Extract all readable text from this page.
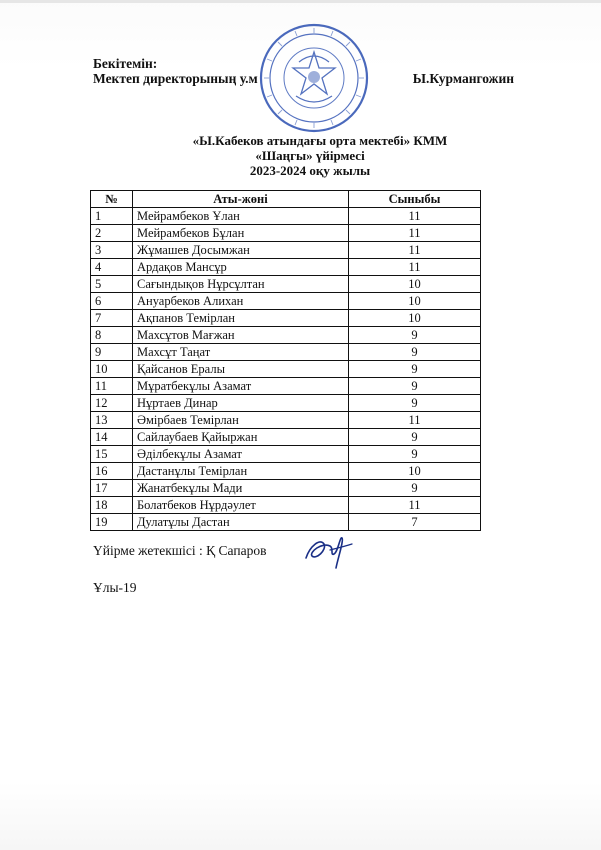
Бекітемін:

Мектеп директорының у.м	Ы.Курмангожин
«Ы.Кабеков атындағы орта мектебі» КММ
«Шаңгы» үйірмесі
2023-2024 оқу жылы
№	Аты-жөні	Сыныбы
1	Мейрамбеков Ұлан	11
2	Мейрамбеков Бұлан	11
3	Жұмашев Досымжан	11
4	Ардақов Мансұр	11
5	Сағындықов Нұрсұлтан	10
6	Ануарбеков Алихан	10
7	Ақпанов Темірлан	10
8	Махсұтов Мағжан	9
9	Махсұт Таңат	9
10	Қайсанов Ералы	9
11	Мұратбекұлы Азамат	9
12	Нұртаев Динар	9
13	Әмірбаев Темірлан	11
14	Сайлаубаев Қайыржан	9
15	Әділбекұлы Азамат	9
16	Дастанұлы Темірлан	10
17	Жанатбекұлы Мади	9
18	Болатбеков Нұрдәулет	11
19	Дулатұлы Дастан	7
Үйірме жетекшісі : Қ Сапаров
Ұлы-19
